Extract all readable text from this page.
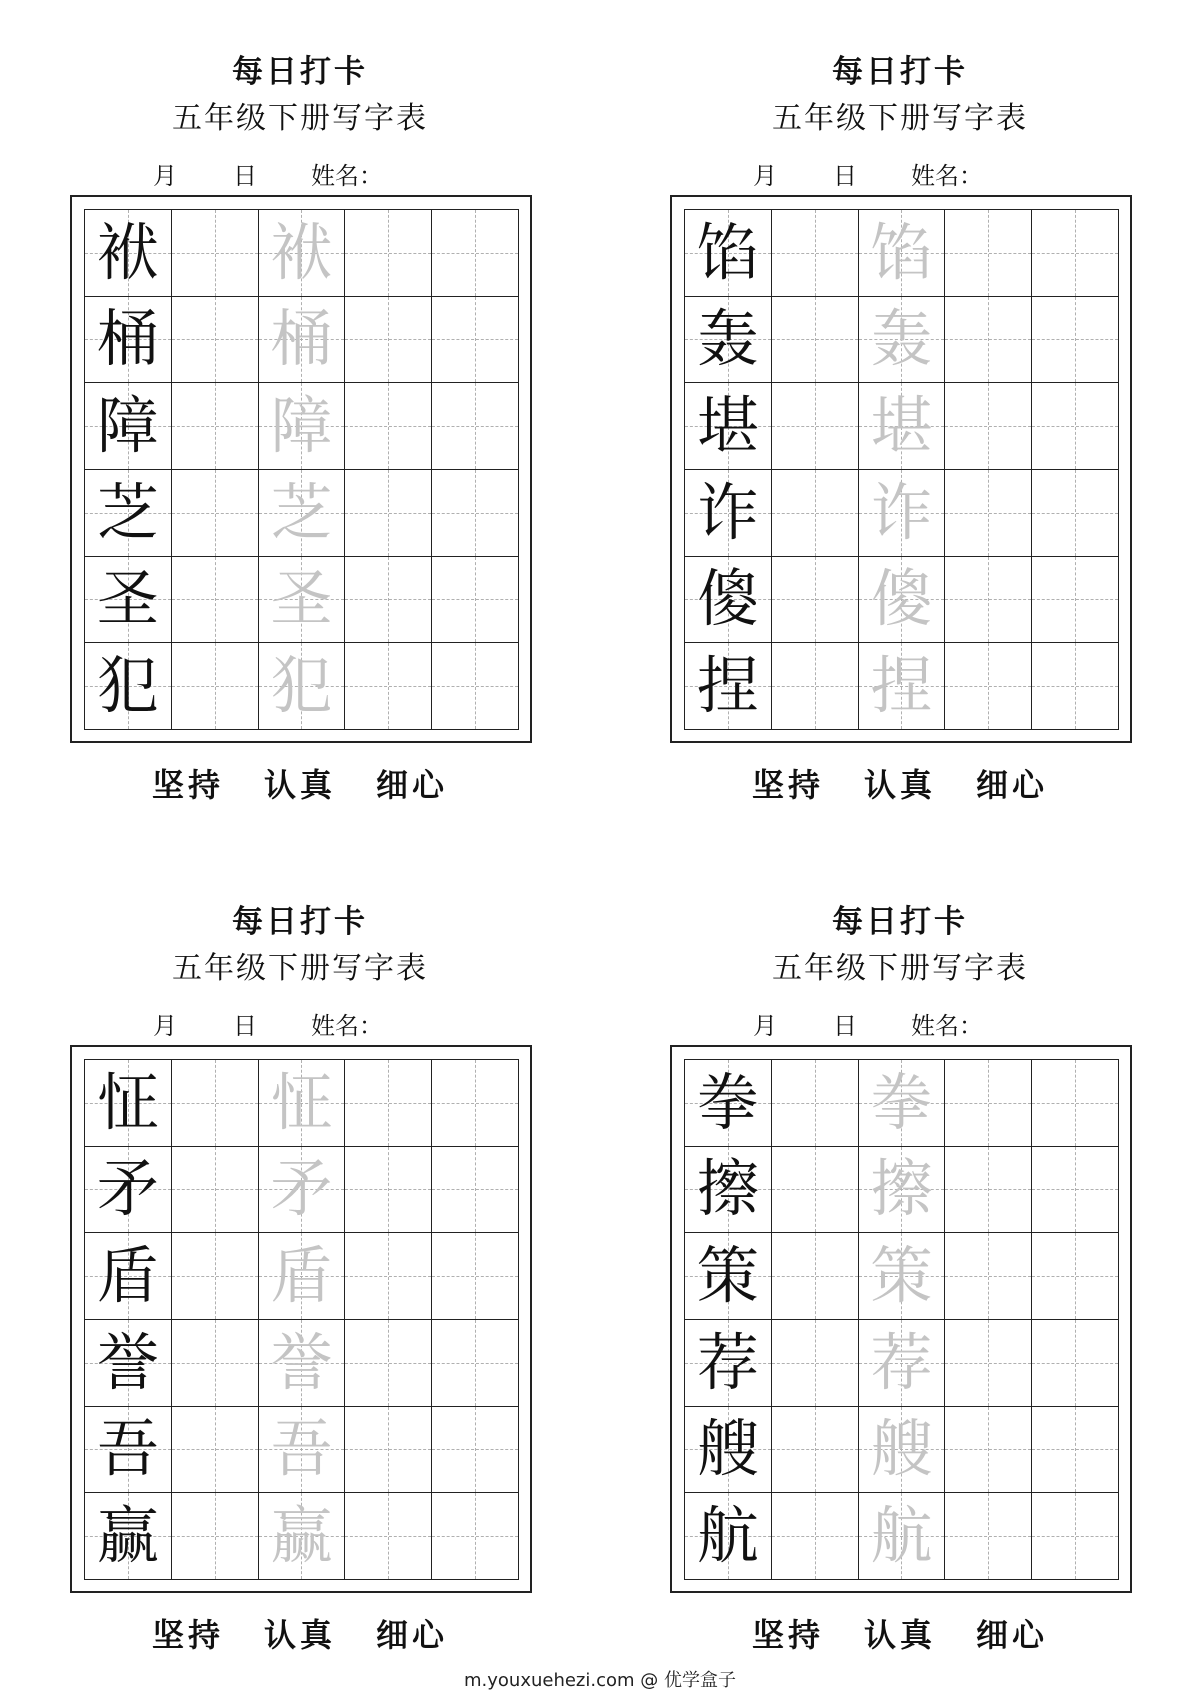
每日打卡
五年级下册写字表
月 日 姓名：
袱 袱
桶 桶
障 障
芝 芝
圣 圣
犯 犯
坚持 认真 细心
每日打卡
五年级下册写字表
月 日 姓名：
馅 馅
轰 轰
堪 堪
诈 诈
傻 傻
捏 捏
坚持 认真 细心
每日打卡
五年级下册写字表
月 日 姓名：
怔 怔
矛 矛
盾 盾
誉 誉
吾 吾
赢 赢
坚持 认真 细心
每日打卡
五年级下册写字表
月 日 姓名：
拳 拳
擦 擦
策 策
荐 荐
艘 艘
航 航
坚持 认真 细心
m.youxuehezi.com @ 优学盒子
